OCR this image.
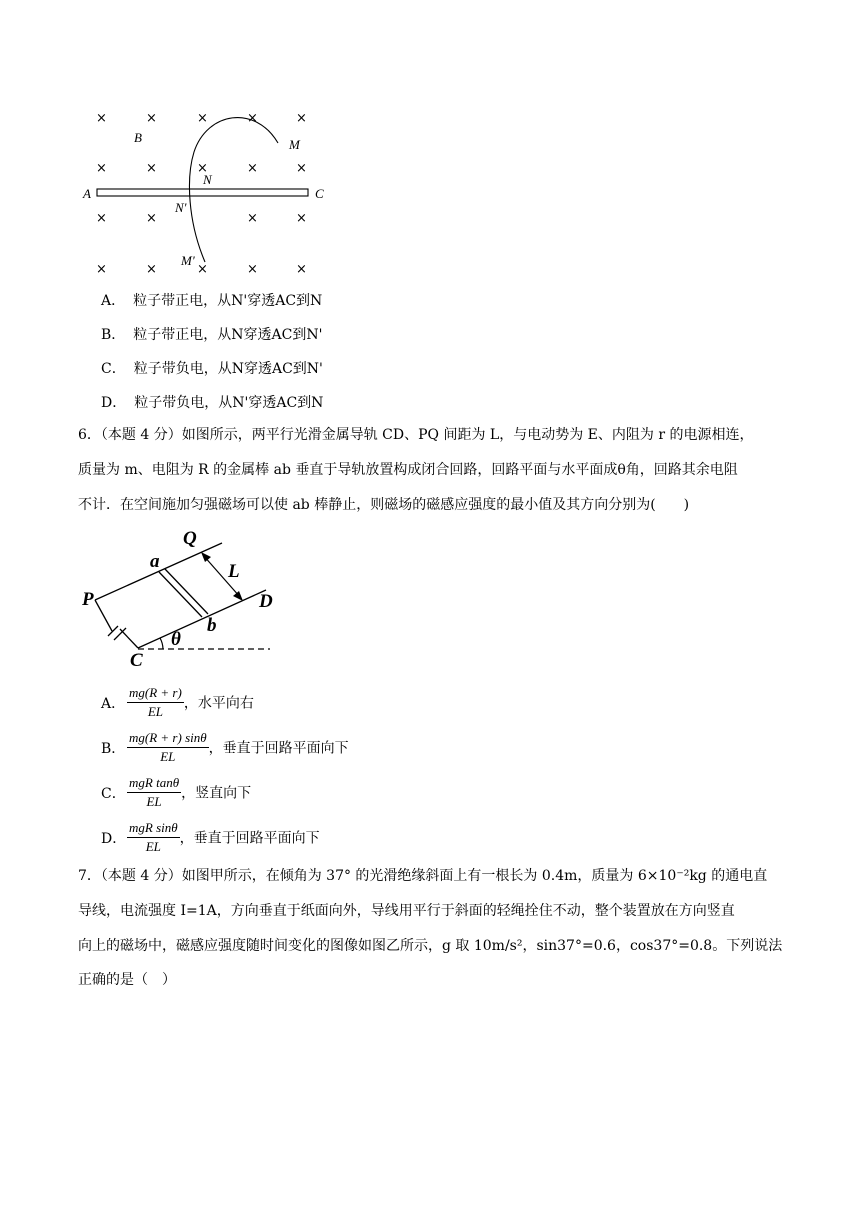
×	×	×	×	×
×	×	×	×	×
×	×	×	×
×	×	×	×	×
B	M
N
A	C
N'
M'
A． 粒子带正电，从N'穿透AC到N
B． 粒子带正电，从N穿透AC到N'
C． 粒子带负电，从N穿透AC到N'
D． 粒子带负电，从N'穿透AC到N
6．（本题 4 分）如图所示，两平行光滑金属导轨 CD、PQ 间距为 L，与电动势为 E、内阻为 r 的电源相连，
质量为 m、电阻为 R 的金属棒 ab 垂直于导轨放置构成闭合回路，回路平面与水平面成θ角，回路其余电阻
不计．在空间施加匀强磁场可以使 ab 棒静止，则磁场的磁感应强度的最小值及其方向分别为(　　)
Q
a	L
P	D
b
θ
C
A． $\frac{mg(R + r)}{EL}$ ，水平向右
B． $\frac{mg(R + r) \sin\theta}{EL}$ ，垂直于回路平面向下
C． $\frac{\text{mgR tanθ}}{EL}$ ，竖直向下
D． $\frac{\text{mgR sinθ}}{EL}$ ，垂直于回路平面向下
7．（本题 4 分）如图甲所示，在倾角为 37° 的光滑绝缘斜面上有一根长为 0.4m，质量为 6×10⁻²kg 的通电直
导线，电流强度 I=1A，方向垂直于纸面向外，导线用平行于斜面的轻绳拴住不动，整个装置放在方向竖直
向上的磁场中，磁感应强度随时间变化的图像如图乙所示，g 取 10m/s²，sin37°=0.6，cos37°=0.8。下列说法
正确的是（　）
